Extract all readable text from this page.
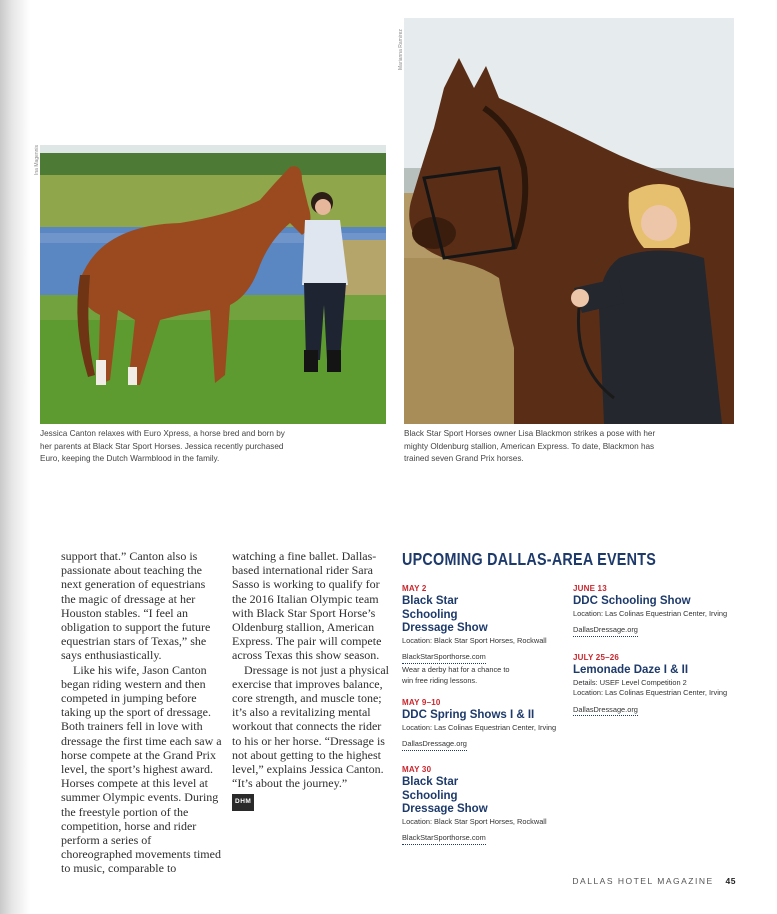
Ina Magennis
Marianna Ramirez
Jessica Canton relaxes with Euro Xpress, a horse bred and born by
her parents at Black Star Sport Horses. Jessica recently purchased
Euro, keeping the Dutch Warmblood in the family.
Black Star Sport Horses owner Lisa Blackmon strikes a pose with her
mighty Oldenburg stallion, American Express. To date, Blackmon has
trained seven Grand Prix horses.

support that.” Canton also is passionate about teaching the next generation of equestrians the magic of dressage at her Houston stables. “I feel an obligation to support the future equestrian stars of Texas,” she says enthusiastically.

Like his wife, Jason Canton began riding western and then competed in jumping before taking up the sport of dressage. Both trainers fell in love with dressage the first time each saw a horse compete at the Grand Prix level, the sport’s highest award. Horses compete at this level at summer Olympic events. During the freestyle portion of the competition, horse and rider perform a series of choreographed movements timed to music, comparable to

watching a fine ballet. Dallas-based international rider Sara Sasso is working to qualify for the 2016 Italian Olympic team with Black Star Sport Horse’s Oldenburg stallion, American Express. The pair will compete across Texas this show season.

Dressage is not just a physical exercise that improves balance, core strength, and muscle tone; it’s also a revitalizing mental workout that connects the rider to his or her horse. “Dressage is not about getting to the highest level,” explains Jessica Canton. “It’s about the journey.”

DHM
UPCOMING DALLAS-AREA EVENTS
MAY 2
Black Star Schooling Dressage Show
Location: Black Star Sport Horses, Rockwall
BlackStarSporthorse.com
Wear a derby hat for a chance to win free riding lessons.
MAY 9–10
DDC Spring Shows I & II
Location: Las Colinas Equestrian Center, Irving
DallasDressage.org
MAY 30
Black Star Schooling Dressage Show
Location: Black Star Sport Horses, Rockwall
BlackStarSporthorse.com
JUNE 13
DDC Schooling Show
Location: Las Colinas Equestrian Center, Irving
DallasDressage.org
JULY 25–26
Lemonade Daze I & II
Details: USEF Level Competition 2
Location: Las Colinas Equestrian Center, Irving
DallasDressage.org
DALLAS HOTEL MAGAZINE 45
